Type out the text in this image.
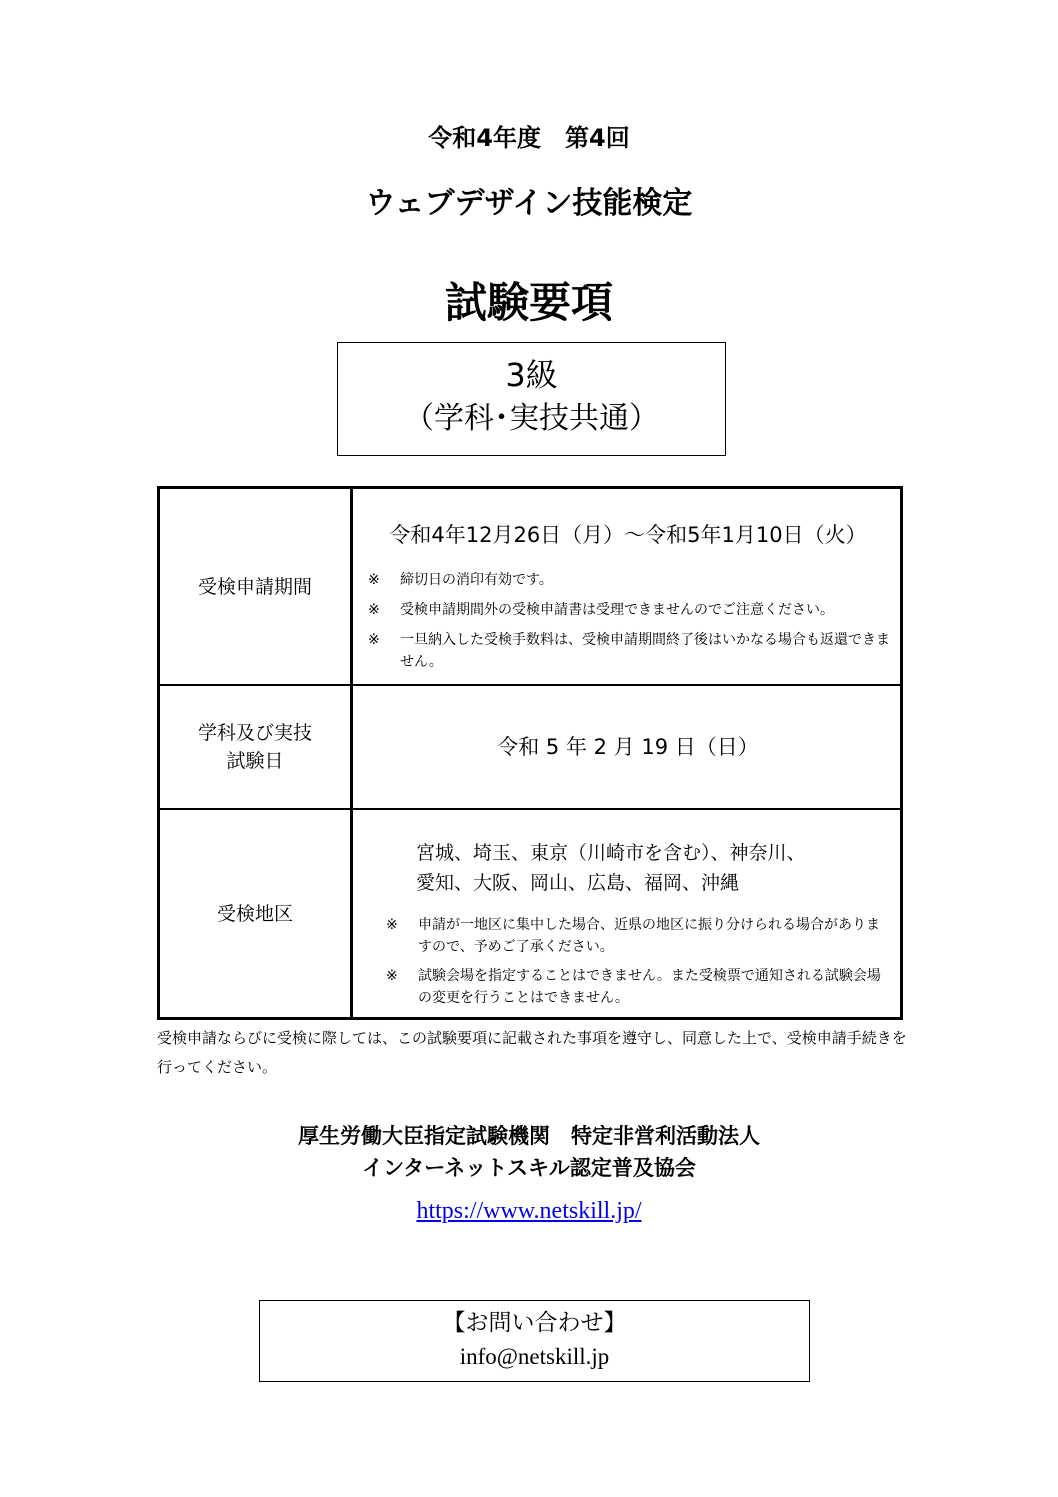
令和4年度　第4回
ウェブデザイン技能検定
試験要項
3級
（学科･実技共通）
受検申請期間
令和4年12月26日（月）～令和5年1月10日（火）
※ 締切日の消印有効です。
※ 受検申請期間外の受検申請書は受理できませんのでご注意ください。
※ 一旦納入した受検手数料は、受検申請期間終了後はいかなる場合も返還できません。
学科及び実技
試験日
令和 5 年 2 月 19 日（日）
受検地区
宮城、埼玉、東京（川崎市を含む）、神奈川、
愛知、大阪、岡山、広島、福岡、沖縄
※ 申請が一地区に集中した場合、近県の地区に振り分けられる場合がありますので、予めご了承ください。
※ 試験会場を指定することはできません。また受検票で通知される試験会場の変更を行うことはできません。
受検申請ならびに受検に際しては、この試験要項に記載された事項を遵守し、同意した上で、受検申請手続きを行ってください。
厚生労働大臣指定試験機関　特定非営利活動法人
インターネットスキル認定普及協会
https://www.netskill.jp/
【お問い合わせ】
info@netskill.jp
